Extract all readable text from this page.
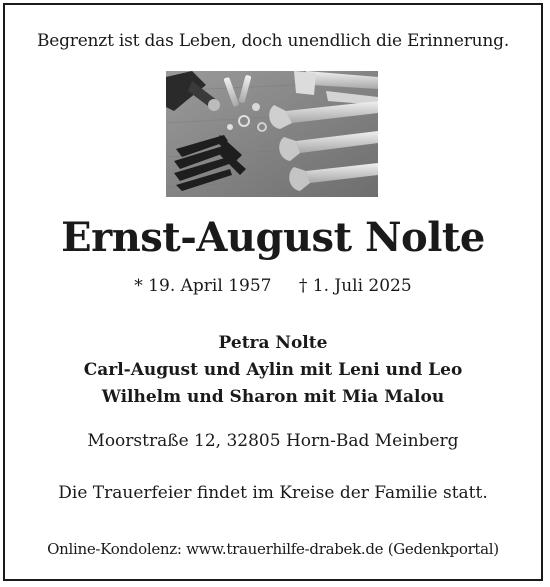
Begrenzt ist das Leben, doch unendlich die Erinnerung.
Ernst-August Nolte
* 19. April 1957 † 1. Juli 2025
Petra Nolte
Carl-August und Aylin mit Leni und Leo
Wilhelm und Sharon mit Mia Malou
Moorstraße 12, 32805 Horn-Bad Meinberg
Die Trauerfeier findet im Kreise der Familie statt.
Online-Kondolenz: www.trauerhilfe-drabek.de (Gedenkportal)
